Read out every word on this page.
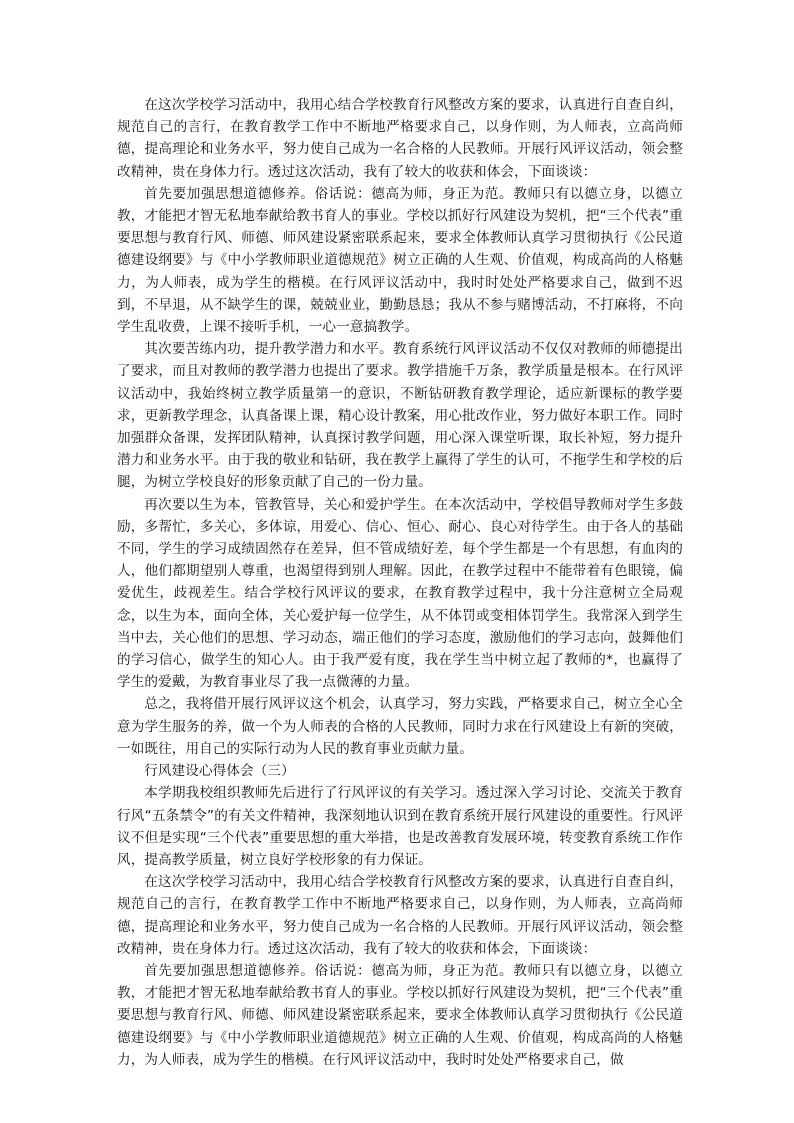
在这次学校学习活动中，我用心结合学校教育行风整改方案的要求，认真进行自查自纠，规范自己的言行，在教育教学工作中不断地严格要求自己，以身作则，为人师表，立高尚师德，提高理论和业务水平，努力使自己成为一名合格的人民教师。开展行风评议活动，领会整改精神，贵在身体力行。透过这次活动，我有了较大的收获和体会，下面谈谈：

首先要加强思想道德修养。俗话说：德高为师，身正为范。教师只有以德立身，以德立教，才能把才智无私地奉献给教书育人的事业。学校以抓好行风建设为契机，把“三个代表”重要思想与教育行风、师德、师风建设紧密联系起来，要求全体教师认真学习贯彻执行《公民道德建设纲要》与《中小学教师职业道德规范》树立正确的人生观、价值观，构成高尚的人格魅力，为人师表，成为学生的楷模。在行风评议活动中，我时时处处严格要求自己，做到不迟到，不早退，从不缺学生的课，兢兢业业，勤勤恳恳；我从不参与赌博活动，不打麻将，不向学生乱收费，上课不接听手机，一心一意搞教学。

其次要苦练内功，提升教学潜力和水平。教育系统行风评议活动不仅仅对教师的师德提出了要求，而且对教师的教学潜力也提出了要求。教学措施千万条，教学质量是根本。在行风评议活动中，我始终树立教学质量第一的意识，不断钻研教育教学理论，适应新课标的教学要求，更新教学理念，认真备课上课，精心设计教案，用心批改作业，努力做好本职工作。同时加强群众备课，发挥团队精神，认真探讨教学问题，用心深入课堂听课，取长补短，努力提升潜力和业务水平。由于我的敬业和钻研，我在教学上赢得了学生的认可，不拖学生和学校的后腿，为树立学校良好的形象贡献了自己的一份力量。

再次要以生为本，管教管导，关心和爱护学生。在本次活动中，学校倡导教师对学生多鼓励，多帮忙，多关心，多体谅，用爱心、信心、恒心、耐心、良心对待学生。由于各人的基础不同，学生的学习成绩固然存在差异，但不管成绩好差，每个学生都是一个有思想，有血肉的人，他们都期望别人尊重，也渴望得到别人理解。因此，在教学过程中不能带着有色眼镜，偏爱优生，歧视差生。结合学校行风评议的要求，在教育教学过程中，我十分注意树立全局观念，以生为本，面向全体，关心爱护每一位学生，从不体罚或变相体罚学生。我常深入到学生当中去，关心他们的思想、学习动态，端正他们的学习态度，激励他们的学习志向，鼓舞他们的学习信心，做学生的知心人。由于我严爱有度，我在学生当中树立起了教师的*，也赢得了学生的爱戴，为教育事业尽了我一点微薄的力量。

总之，我将借开展行风评议这个机会，认真学习，努力实践，严格要求自己，树立全心全意为学生服务的养，做一个为人师表的合格的人民教师，同时力求在行风建设上有新的突破，一如既往，用自己的实际行动为人民的教育事业贡献力量。

行风建设心得体会（三）

本学期我校组织教师先后进行了行风评议的有关学习。透过深入学习讨论、交流关于教育行风“五条禁令”的有关文件精神，我深刻地认识到在教育系统开展行风建设的重要性。行风评议不但是实现“三个代表”重要思想的重大举措，也是改善教育发展环境，转变教育系统工作作风，提高教学质量，树立良好学校形象的有力保证。

在这次学校学习活动中，我用心结合学校教育行风整改方案的要求，认真进行自查自纠，规范自己的言行，在教育教学工作中不断地严格要求自己，以身作则，为人师表，立高尚师德，提高理论和业务水平，努力使自己成为一名合格的人民教师。开展行风评议活动，领会整改精神，贵在身体力行。透过这次活动，我有了较大的收获和体会，下面谈谈：

首先要加强思想道德修养。俗话说：德高为师，身正为范。教师只有以德立身，以德立教，才能把才智无私地奉献给教书育人的事业。学校以抓好行风建设为契机，把“三个代表”重要思想与教育行风、师德、师风建设紧密联系起来，要求全体教师认真学习贯彻执行《公民道德建设纲要》与《中小学教师职业道德规范》树立正确的人生观、价值观，构成高尚的人格魅力，为人师表，成为学生的楷模。在行风评议活动中，我时时处处严格要求自己，做
